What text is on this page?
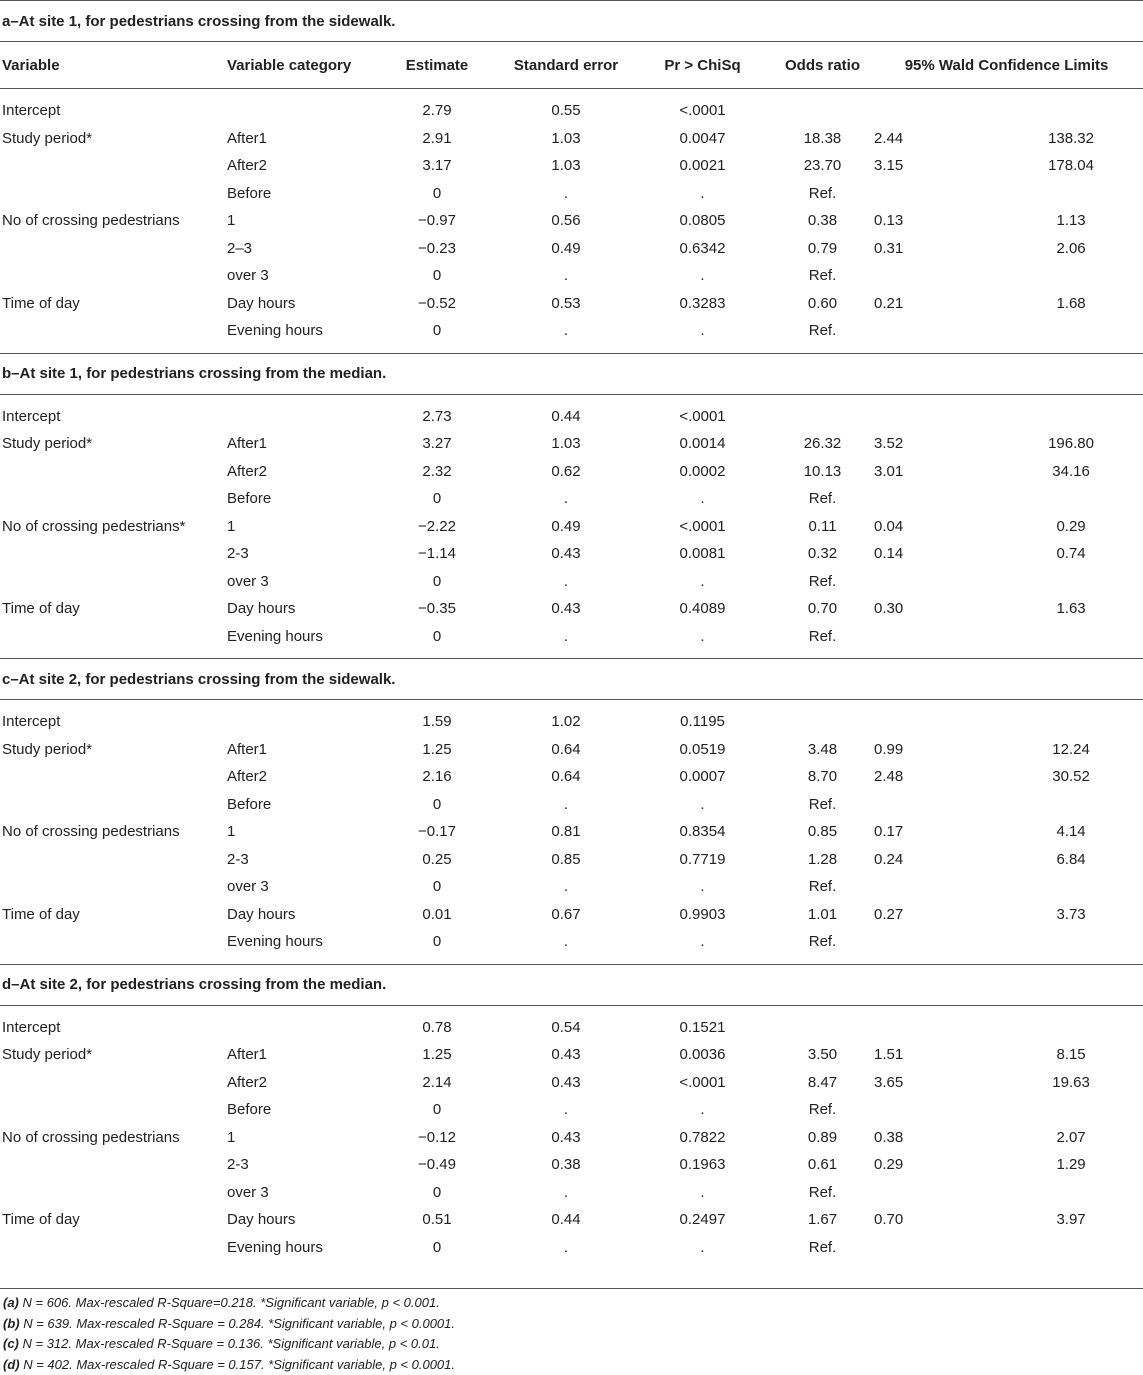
a–At site 1, for pedestrians crossing from the sidewalk.							
Variable	Variable category	Estimate	Standard error	Pr > ChiSq	Odds ratio	95% Wald Confidence Limits	

Intercept		2.79	0.55	<.0001			
Study period*	After1	2.91	1.03	0.0047	18.38	2.44	138.32
	After2	3.17	1.03	0.0021	23.70	3.15	178.04
	Before	0	.	.	Ref.		
No of crossing pedestrians	1	−0.97	0.56	0.0805	0.38	0.13	1.13
	2–3	−0.23	0.49	0.6342	0.79	0.31	2.06
	over 3	0	.	.	Ref.		
Time of day	Day hours	−0.52	0.53	0.3283	0.60	0.21	1.68
	Evening hours	0	.	.	Ref.		

b–At site 1, for pedestrians crossing from the median.							

Intercept		2.73	0.44	<.0001			
Study period*	After1	3.27	1.03	0.0014	26.32	3.52	196.80
	After2	2.32	0.62	0.0002	10.13	3.01	34.16
	Before	0	.	.	Ref.		
No of crossing pedestrians*	1	−2.22	0.49	<.0001	0.11	0.04	0.29
	2-3	−1.14	0.43	0.0081	0.32	0.14	0.74
	over 3	0	.	.	Ref.		
Time of day	Day hours	−0.35	0.43	0.4089	0.70	0.30	1.63
	Evening hours	0	.	.	Ref.		

c–At site 2, for pedestrians crossing from the sidewalk.							

Intercept		1.59	1.02	0.1195			
Study period*	After1	1.25	0.64	0.0519	3.48	0.99	12.24
	After2	2.16	0.64	0.0007	8.70	2.48	30.52
	Before	0	.	.	Ref.		
No of crossing pedestrians	1	−0.17	0.81	0.8354	0.85	0.17	4.14
	2-3	0.25	0.85	0.7719	1.28	0.24	6.84
	over 3	0	.	.	Ref.		
Time of day	Day hours	0.01	0.67	0.9903	1.01	0.27	3.73
	Evening hours	0	.	.	Ref.		

d–At site 2, for pedestrians crossing from the median.							

Intercept		0.78	0.54	0.1521			
Study period*	After1	1.25	0.43	0.0036	3.50	1.51	8.15
	After2	2.14	0.43	<.0001	8.47	3.65	19.63
	Before	0	.	.	Ref.		
No of crossing pedestrians	1	−0.12	0.43	0.7822	0.89	0.38	2.07
	2-3	−0.49	0.38	0.1963	0.61	0.29	1.29
	over 3	0	.	.	Ref.		
Time of day	Day hours	0.51	0.44	0.2497	1.67	0.70	3.97
	Evening hours	0	.	.	Ref.		

(a) N = 606. Max-rescaled R-Square=0.218. *Significant variable, p < 0.001.
(b) N = 639. Max-rescaled R-Square = 0.284. *Significant variable, p < 0.0001.
(c) N = 312. Max-rescaled R-Square = 0.136. *Significant variable, p < 0.01.
(d) N = 402. Max-rescaled R-Square = 0.157. *Significant variable, p < 0.0001.
